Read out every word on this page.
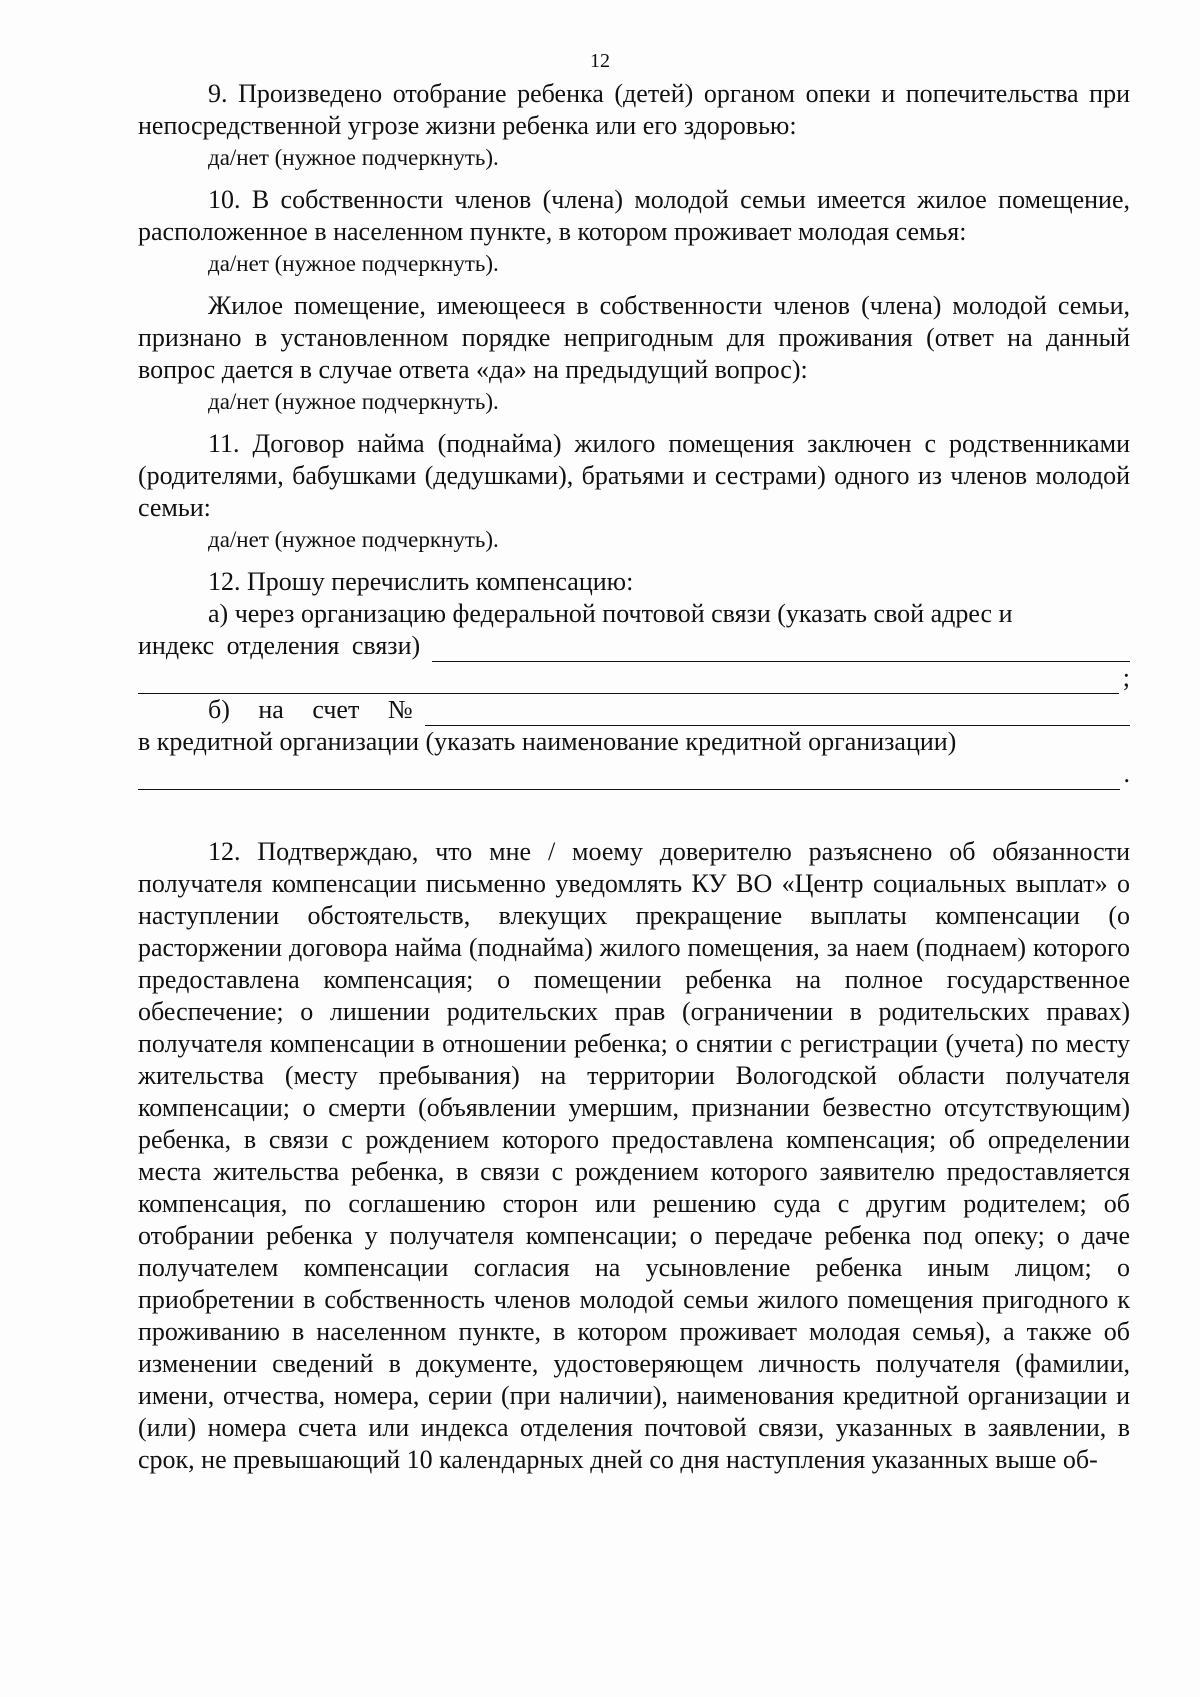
12

9. Произведено отобрание ребенка (детей) органом опеки и попечительства при непосредственной угрозе жизни ребенка или его здоровью:

да/нет (нужное подчеркнуть).

10. В собственности членов (члена) молодой семьи имеется жилое помещение, расположенное в населенном пункте, в котором проживает молодая семья:

да/нет (нужное подчеркнуть).

Жилое помещение, имеющееся в собственности членов (члена) молодой семьи, признано в установленном порядке непригодным для проживания (ответ на данный вопрос дается в случае ответа «да» на предыдущий вопрос):

да/нет (нужное подчеркнуть).

11. Договор найма (поднайма) жилого помещения заключен с родственниками (родителями, бабушками (дедушками), братьями и сестрами) одного из членов молодой семьи:

да/нет (нужное подчеркнуть).

12. Прошу перечислить компенсацию:

а) через организацию федеральной почтовой связи (указать свой адрес и

индекс отделения связи)
;
б) на счет №

в кредитной организации (указать наименование кредитной организации)

.

12. Подтверждаю, что мне / моему доверителю разъяснено об обязанности получателя компенсации письменно уведомлять КУ ВО «Центр социальных выплат» о наступлении обстоятельств, влекущих прекращение выплаты компенсации (о расторжении договора найма (поднайма) жилого помещения, за наем (поднаем) которого предоставлена компенсация; о помещении ребенка на полное государственное обеспечение; о лишении родительских прав (ограничении в родительских правах) получателя компенсации в отношении ребенка; о снятии с регистрации (учета) по месту жительства (месту пребывания) на территории Вологодской области получателя компенсации; о смерти (объявлении умершим, признании безвестно отсутствующим) ребенка, в связи с рождением которого предоставлена компенсация; об определении места жительства ребенка, в связи с рождением которого заявителю предоставляется компенсация, по соглашению сторон или решению суда с другим родителем; об отобрании ребенка у получателя компенсации; о передаче ребенка под опеку; о даче получателем компенсации согласия на усыновление ребенка иным лицом; о приобретении в собственность членов молодой семьи жилого помещения пригодного к проживанию в населенном пункте, в котором проживает молодая семья), а также об изменении сведений в документе, удостоверяющем личность получателя (фамилии, имени, отчества, номера, серии (при наличии), наименования кредитной организации и (или) номера счета или индекса отделения почтовой связи, указанных в заявлении, в срок, не превышающий 10 календарных дней со дня наступления указанных выше об-
